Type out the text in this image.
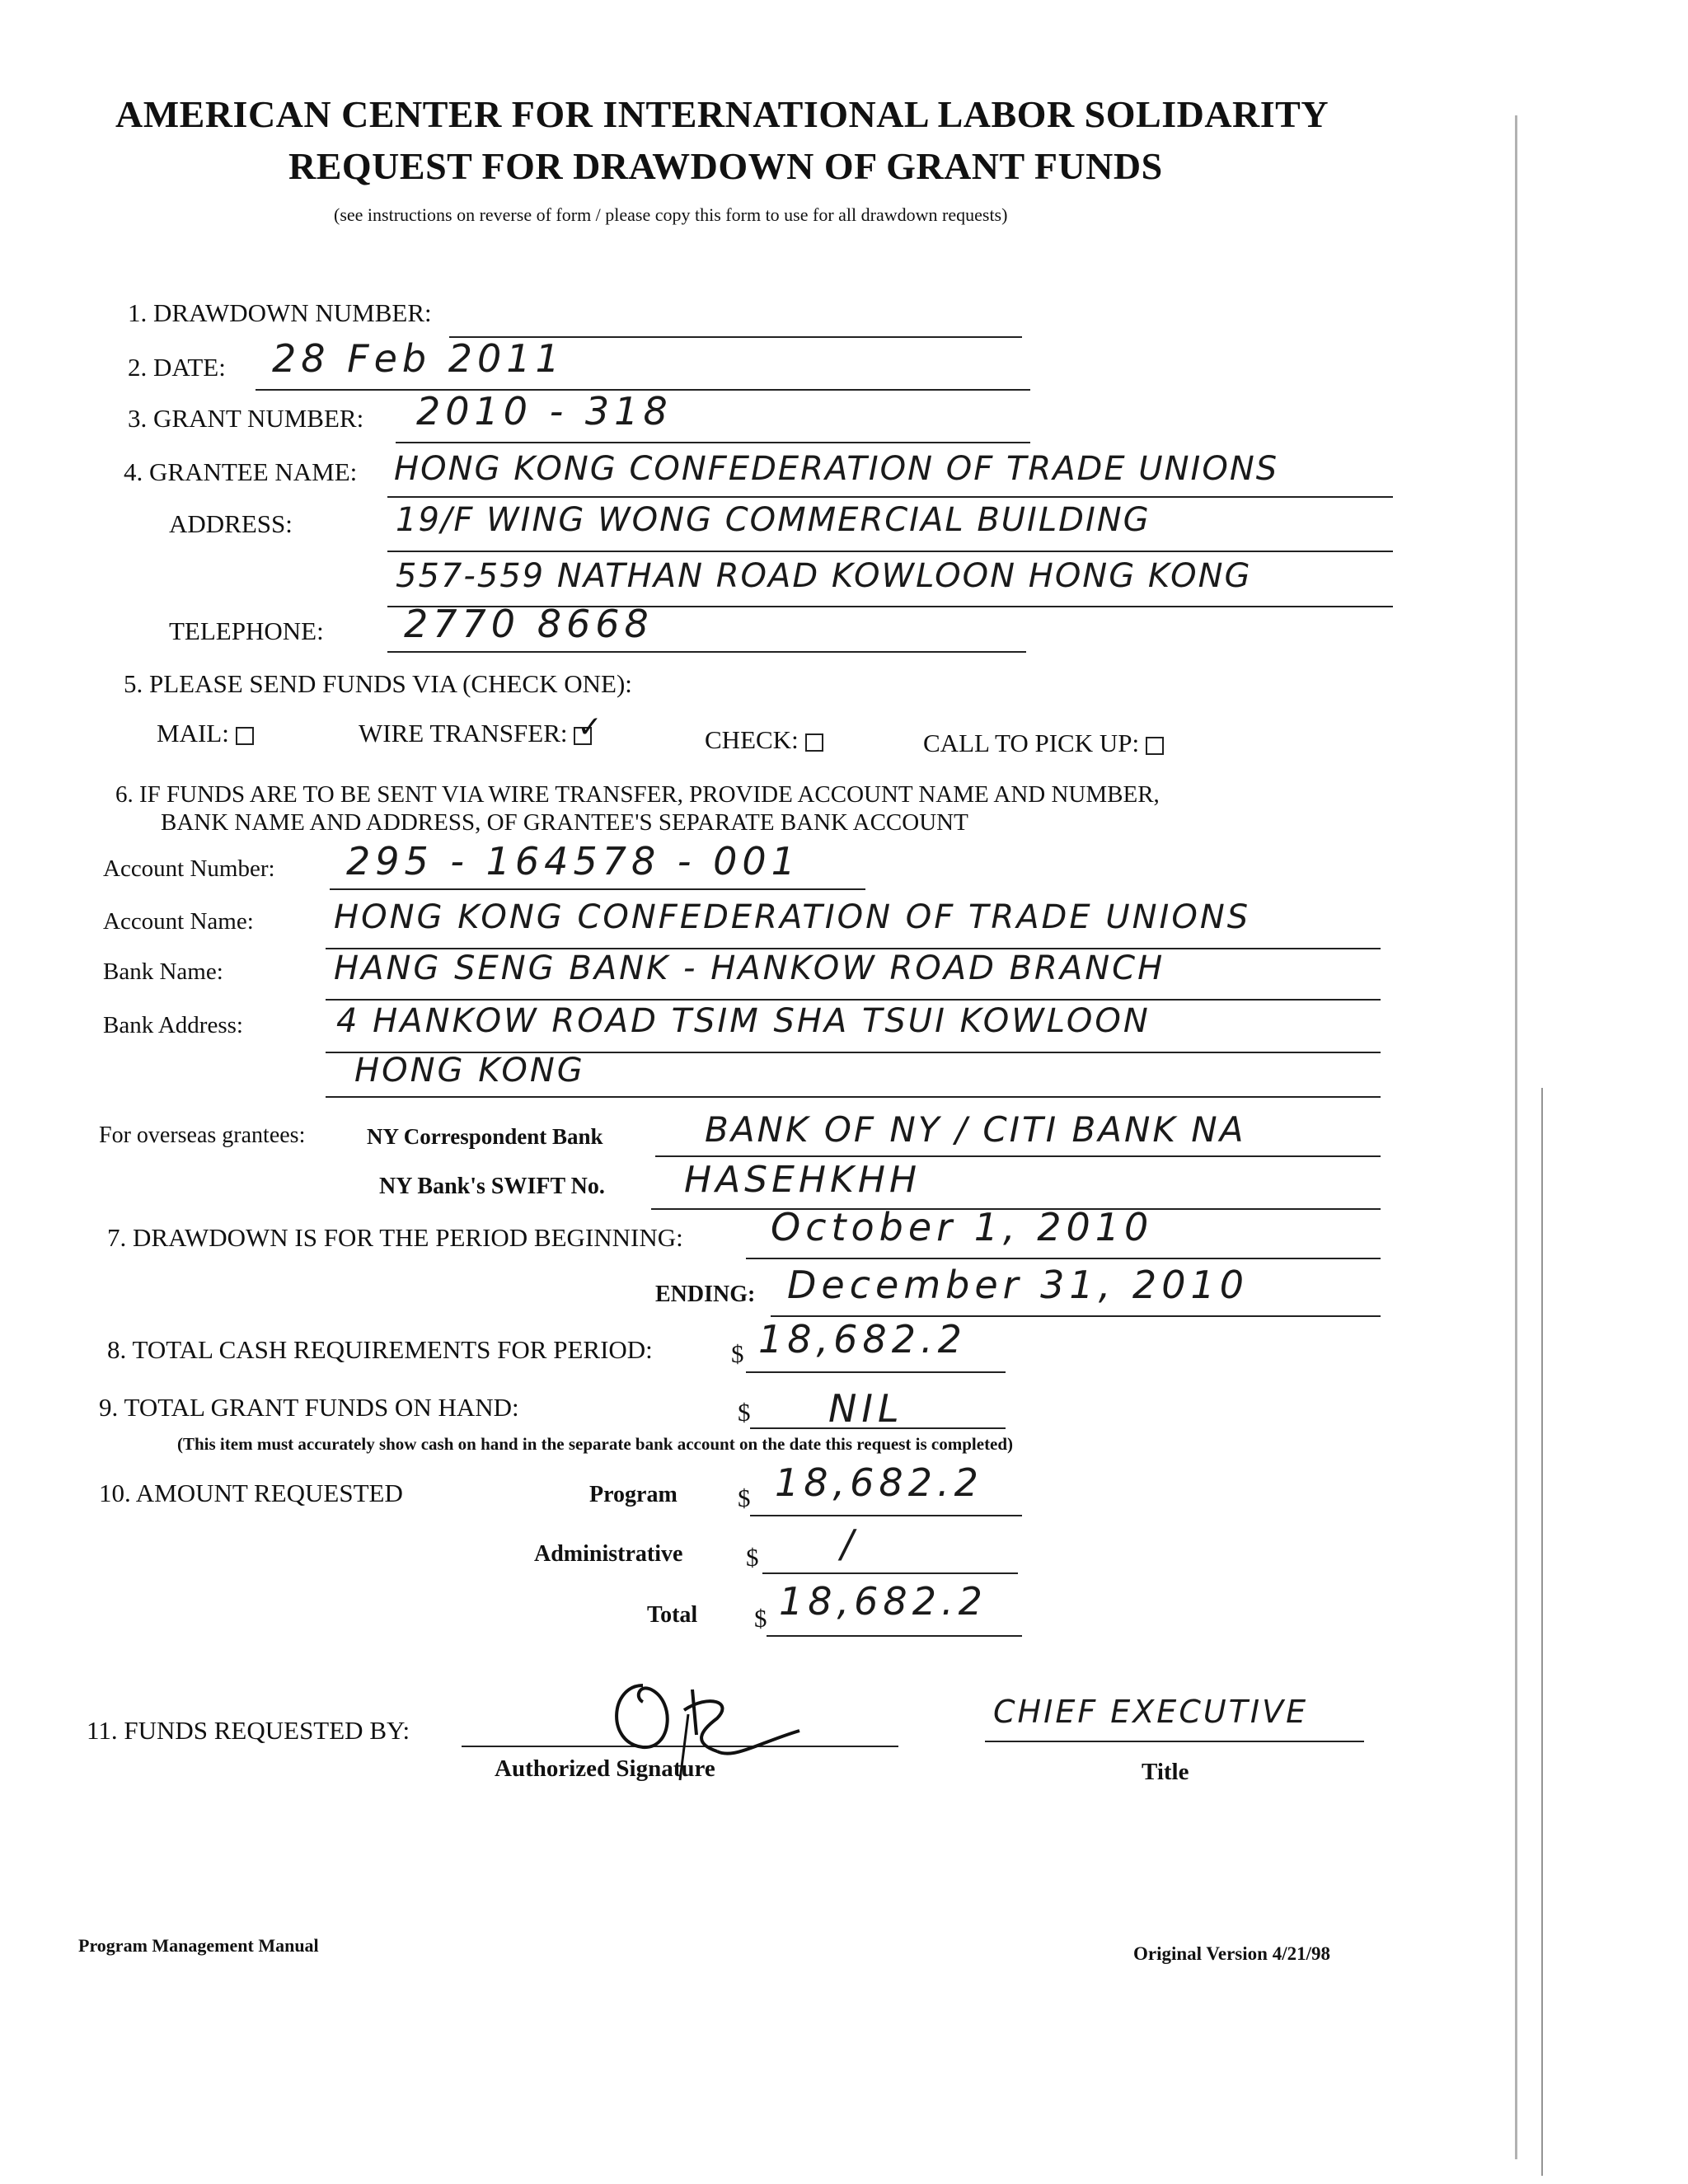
AMERICAN CENTER FOR INTERNATIONAL LABOR SOLIDARITY
REQUEST FOR DRAWDOWN OF GRANT FUNDS
(see instructions on reverse of form / please copy this form to use for all drawdown requests)
1. DRAWDOWN NUMBER:
2. DATE: 28 Feb 2011
3. GRANT NUMBER: 2010 - 318
4. GRANTEE NAME: HONG KONG CONFEDERATION OF TRADE UNIONS
ADDRESS:	19/F WING WONG COMMERCIAL BUILDING
557-559 NATHAN ROAD KOWLOON HONG KONG
TELEPHONE: 2770 8668
5. PLEASE SEND FUNDS VIA (CHECK ONE):
MAIL:	WIRE TRANSFER: ✓	CHECK:	CALL TO PICK UP:
6. IF FUNDS ARE TO BE SENT VIA WIRE TRANSFER, PROVIDE ACCOUNT NAME AND NUMBER,
BANK NAME AND ADDRESS, OF GRANTEE'S SEPARATE BANK ACCOUNT
Account Number: 295 - 164578 - 001
Account Name: HONG KONG CONFEDERATION OF TRADE UNIONS
Bank Name:	HANG SENG BANK - HANKOW ROAD BRANCH
Bank Address:	4 HANKOW ROAD TSIM SHA TSUI KOWLOON
HONG KONG
For overseas grantees:	NY Correspondent Bank	BANK OF NY / CITI BANK NA
NY Bank's SWIFT No. HASEHKHH
7. DRAWDOWN IS FOR THE PERIOD BEGINNING: October 1, 2010
ENDING: December 31, 2010
8. TOTAL CASH REQUIREMENTS FOR PERIOD:	$ 18,682.2
9. TOTAL GRANT FUNDS ON HAND:	$ NIL
(This item must accurately show cash on hand in the separate bank account on the date this request is completed)
10. AMOUNT REQUESTED	Program $ 18,682.2
Administrative $ /
Total $ 18,682.2
11. FUNDS REQUESTED BY:
Authorized Signature
CHIEF EXECUTIVE
Title
Program Management Manual	Original Version 4/21/98
